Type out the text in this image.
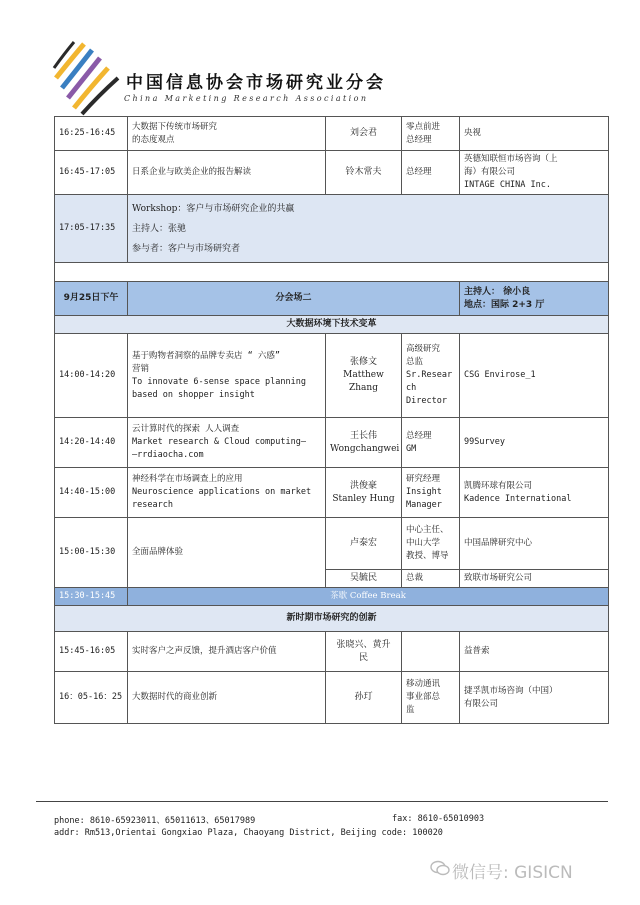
中国信息协会市场研究业分会
China Marketing Research Association
16:25-16:45	大数据下传统市场研究
的态度观点	刘会君	零点前进
总经理	央视

16:45-17:05	日系企业与欧美企业的报告解读	铃木常夫	总经理	英德知联恒市场咨询（上
海）有限公司
INTAGE CHINA Inc.

17:05-17:35	Workshop：客户与市场研究企业的共赢
主持人：张驰
参与者：客户与市场研究者			

9月25日下午	分会场二			主持人： 徐小良
地点：国际 2+3 厅

大数据环境下技术变革				

14:00-14:20	基于购物者洞察的品牌专卖店 “ 六感”
营销
To innovate 6-sense space planning
based on shopper insight	张修文
Matthew
Zhang	高级研究
总监
Sr.Resear
ch
Director	CSG Envirose_1

14:20-14:40	云计算时代的探索 人人调查
Market research & Cloud computing—
—rrdiaocha.com	王长伟
Wongchangwei	总经理
GM	99Survey

14:40-15:00	神经科学在市场调查上的应用
Neuroscience applications on market
research	洪俊豪
Stanley Hung	研究经理
Insight
Manager	凯腾环球有限公司
Kadence International

15:00-15:30	全面品牌体验	卢泰宏	中心主任、
中山大学
教授、博导	中国品牌研究中心

		吴毓民	总裁	致联市场研究公司

15:30-15:45	茶歇 Coffee Break			

新时期市场研究的创新				

15:45-16:05	实时客户之声反馈，提升酒店客户价值	张晓兴、黄升
民		益普索

16：05-16：25	大数据时代的商业创新	孙玎	移动通讯
事业部总
监	捷孚凯市场咨询（中国）
有限公司
phone: 8610-65923011、65011613、65017989	fax: 8610-65010903
addr: Rm513,Orientai Gongxiao Plaza, Chaoyang District, Beijing code: 100020
微信号: GISICN
